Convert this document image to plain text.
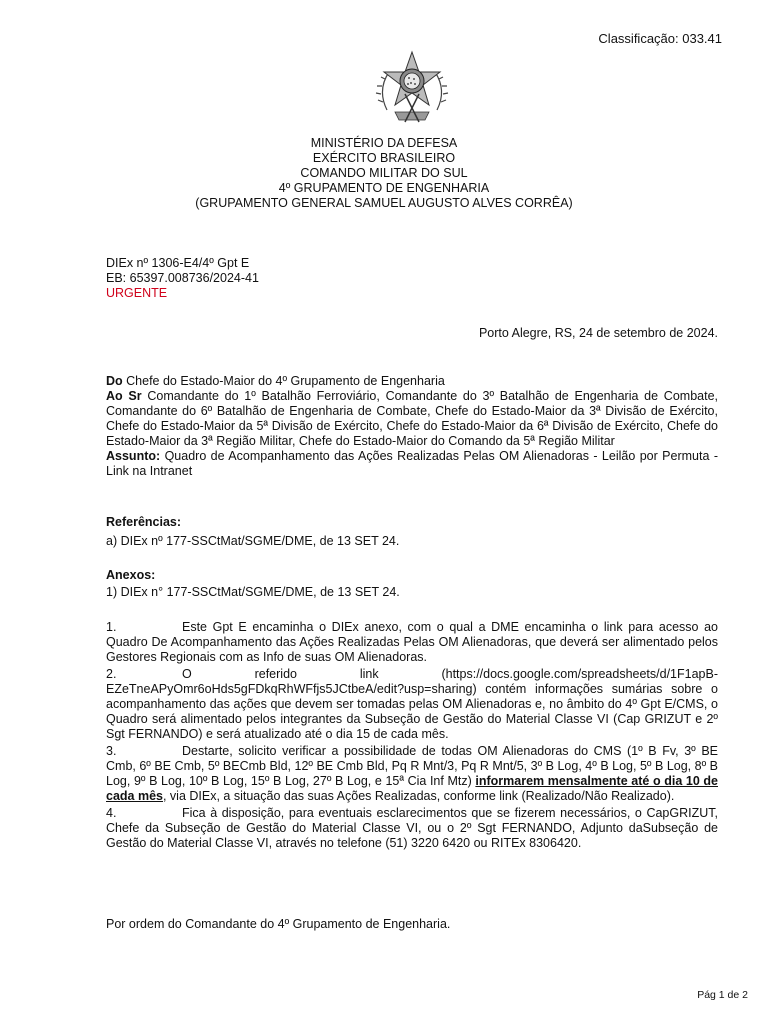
Classificação: 033.41
MINISTÉRIO DA DEFESA
EXÉRCITO BRASILEIRO
COMANDO MILITAR DO SUL
4º GRUPAMENTO DE ENGENHARIA
(GRUPAMENTO GENERAL SAMUEL AUGUSTO ALVES CORRÊA)
DIEx nº 1306-E4/4º Gpt E
EB: 65397.008736/2024-41
URGENTE
Porto Alegre, RS, 24 de setembro de 2024.
Do Chefe do Estado-Maior do 4º Grupamento de Engenharia
Ao Sr Comandante do 1º Batalhão Ferroviário, Comandante do 3º Batalhão de Engenharia de Combate, Comandante do 6º Batalhão de Engenharia de Combate, Chefe do Estado-Maior da 3ª Divisão de Exército, Chefe do Estado-Maior da 5ª Divisão de Exército, Chefe do Estado-Maior da 6ª Divisão de Exército, Chefe do Estado-Maior da 3ª Região Militar, Chefe do Estado-Maior do Comando da 5ª Região Militar
Assunto: Quadro de Acompanhamento das Ações Realizadas Pelas OM Alienadoras - Leilão por Permuta - Link na Intranet
Referências:
a) DIEx nº 177-SSCtMat/SGME/DME, de 13 SET 24.
Anexos:
1) DIEx n° 177-SSCtMat/SGME/DME, de 13 SET 24.

1.	Este Gpt E encaminha o DIEx anexo, com o qual a DME encaminha o link para acesso ao Quadro De Acompanhamento das Ações Realizadas Pelas OM Alienadoras, que deverá ser alimentado pelos Gestores Regionais com as Info de suas OM Alienadoras.

2.	O referido link (https://docs.google.com/spreadsheets/d/1F1apB-EZeTneAPyOmr6oHds5gFDkqRhWFfjs5JCtbeA/edit?usp=sharing) contém informações sumárias sobre o acompanhamento das ações que devem ser tomadas pelas OM Alienadoras e, no âmbito do 4º Gpt E/CMS, o Quadro será alimentado pelos integrantes da Subseção de Gestão do Material Classe VI (Cap GRIZUT e 2º Sgt FERNANDO) e será atualizado até o dia 15 de cada mês.

3.	Destarte, solicito verificar a possibilidade de todas OM Alienadoras do CMS (1º B Fv, 3º BE Cmb, 6º BE Cmb, 5º BECmb Bld, 12º BE Cmb Bld, Pq R Mnt/3, Pq R Mnt/5, 3º B Log, 4º B Log, 5º B Log, 8º B Log, 9º B Log, 10º B Log, 15º B Log, 27º B Log, e 15ª Cia Inf Mtz) informarem mensalmente até o dia 10 de cada mês, via DIEx, a situação das suas Ações Realizadas, conforme link (Realizado/Não Realizado).

4.	Fica à disposição, para eventuais esclarecimentos que se fizerem necessários, o CapGRIZUT, Chefe da Subseção de Gestão do Material Classe VI, ou o 2º Sgt FERNANDO, Adjunto daSubseção de Gestão do Material Classe VI, através no telefone (51) 3220 6420 ou RITEx 8306420.

Por ordem do Comandante do 4º Grupamento de Engenharia.
Pág 1 de 2
